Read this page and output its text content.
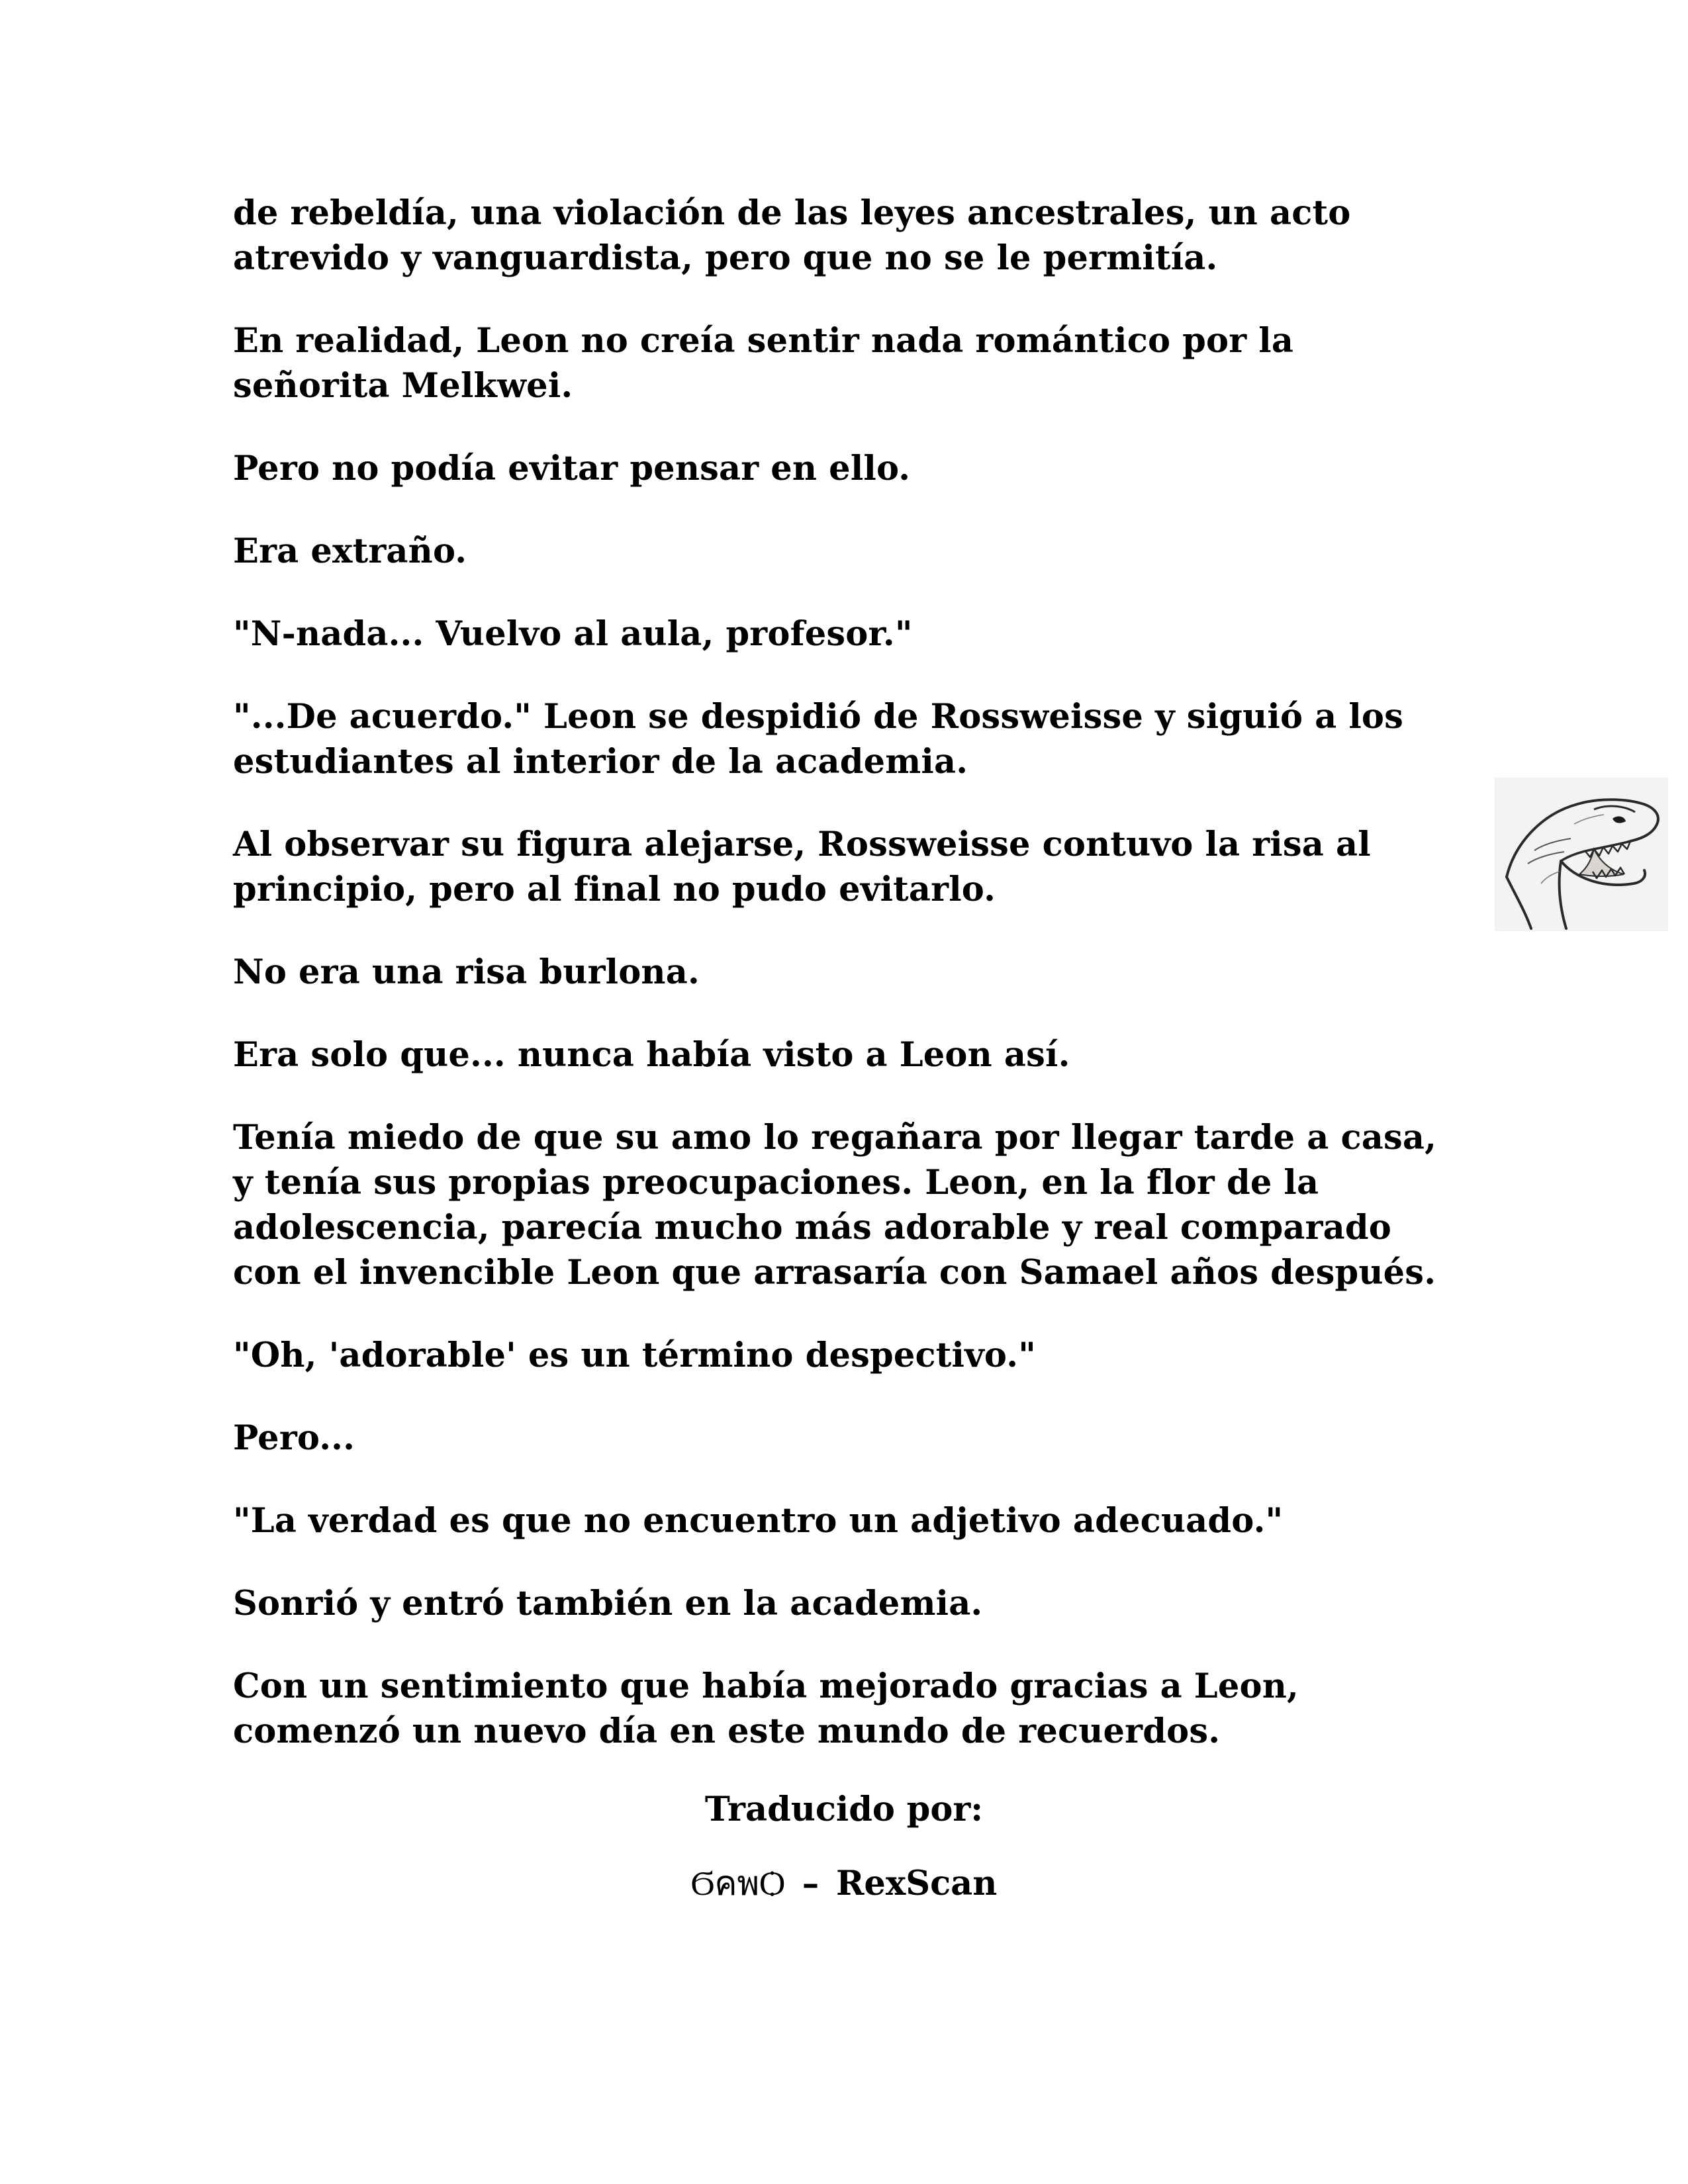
de rebeldía, una violación de las leyes ancestrales, un acto
atrevido y vanguardista, pero que no se le permitía.

En realidad, Leon no creía sentir nada romántico por la
señorita Melkwei.

Pero no podía evitar pensar en ello.

Era extraño.

"N-nada... Vuelvo al aula, profesor."

"...De acuerdo." Leon se despidió de Rossweisse y siguió a los
estudiantes al interior de la academia.

Al observar su figura alejarse, Rossweisse contuvo la risa al
principio, pero al final no pudo evitarlo.

No era una risa burlona.

Era solo que... nunca había visto a Leon así.

Tenía miedo de que su amo lo regañara por llegar tarde a casa,
y tenía sus propias preocupaciones. Leon, en la flor de la
adolescencia, parecía mucho más adorable y real comparado
con el invencible Leon que arrasaría con Samael años después.

"Oh, 'adorable' es un término despectivo."

Pero...

"La verdad es que no encuentro un adjetivo adecuado."

Sonrió y entró también en la academia.

Con un sentimiento que había mejorado gracias a Leon,
comenzó un nuevo día en este mundo de recuerdos.

Traducido por:
ϬคพѺ – RexScan
